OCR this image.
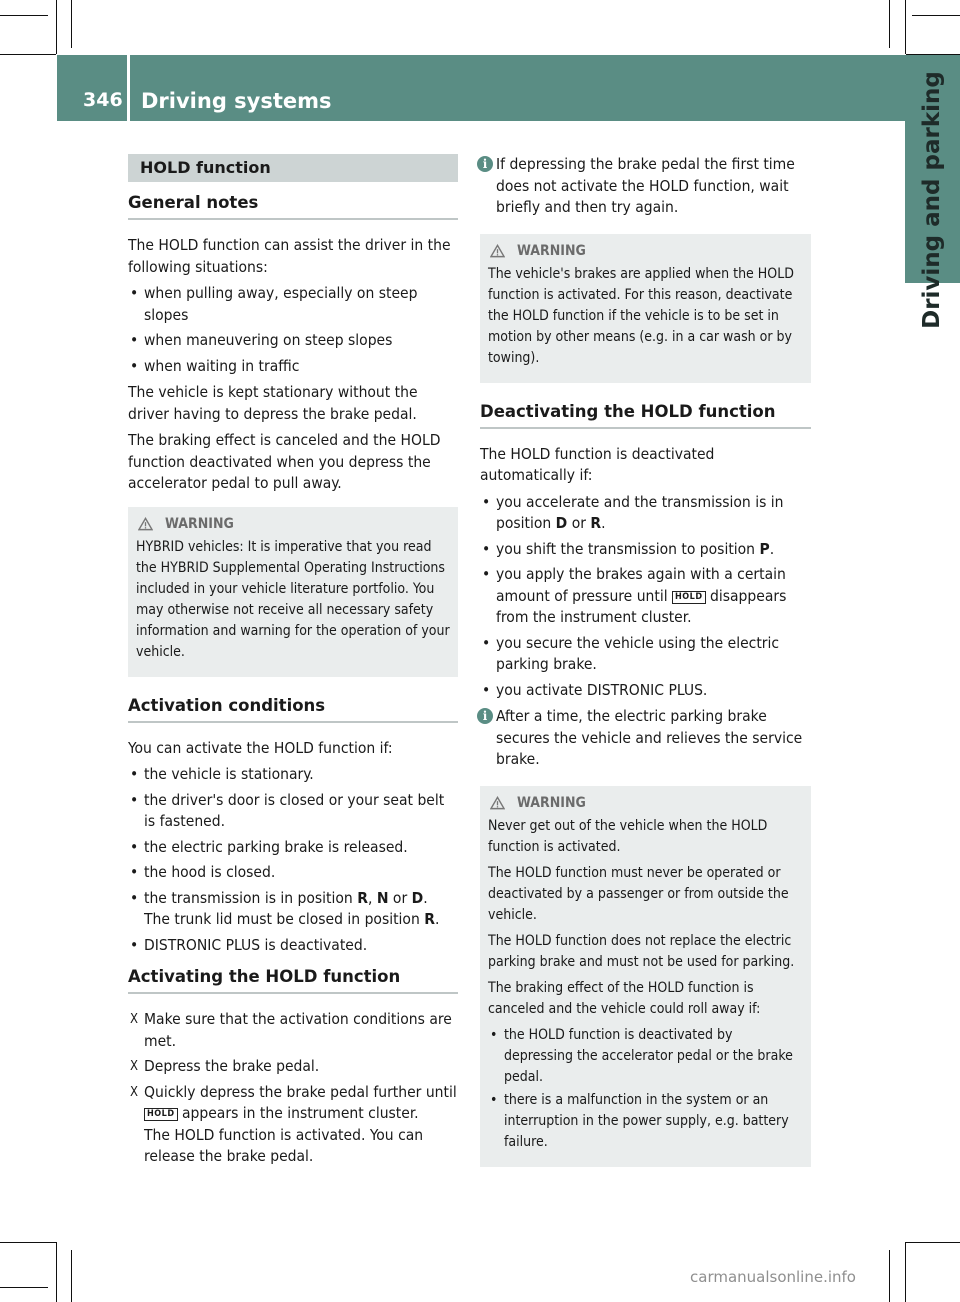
346 Driving systems	Driving and parking
HOLD function
General notes

The HOLD function can assist the driver in the following situations:

• when pulling away, especially on steep slopes
• when maneuvering on steep slopes
• when waiting in traffic

The vehicle is kept stationary without the driver having to depress the brake pedal.

The braking effect is canceled and the HOLD function deactivated when you depress the accelerator pedal to pull away.

WARNING

HYBRID vehicles: It is imperative that you read the HYBRID Supplemental Operating Instructions included in your vehicle literature portfolio. You may otherwise not receive all necessary safety information and warning for the operation of your vehicle.

Activation conditions

You can activate the HOLD function if:

• the vehicle is stationary.
• the driver's door is closed or your seat belt is fastened.
• the electric parking brake is released.
• the hood is closed.
• the transmission is in position R, N or D.
The trunk lid must be closed in position R.
• DISTRONIC PLUS is deactivated.
Activating the HOLD function
X Make sure that the activation conditions are met.
X Depress the brake pedal.
X Quickly depress the brake pedal further until HOLD appears in the instrument cluster.
The HOLD function is activated. You can release the brake pedal.
i If depressing the brake pedal the first time does not activate the HOLD function, wait briefly and then try again.
WARNING

The vehicle's brakes are applied when the HOLD function is activated. For this reason, deactivate the HOLD function if the vehicle is to be set in motion by other means (e.g. in a car wash or by towing).

Deactivating the HOLD function

The HOLD function is deactivated automatically if:

• you accelerate and the transmission is in position D or R.
• you shift the transmission to position P.
• you apply the brakes again with a certain amount of pressure until HOLD disappears from the instrument cluster.
• you secure the vehicle using the electric parking brake.
• you activate DISTRONIC PLUS.
i After a time, the electric parking brake secures the vehicle and relieves the service brake.
WARNING

Never get out of the vehicle when the HOLD function is activated.

The HOLD function must never be operated or deactivated by a passenger or from outside the vehicle.

The HOLD function does not replace the electric parking brake and must not be used for parking.

The braking effect of the HOLD function is canceled and the vehicle could roll away if:

• the HOLD function is deactivated by depressing the accelerator pedal or the brake pedal.
• there is a malfunction in the system or an interruption in the power supply, e.g. battery failure.
carmanualsonline.info
